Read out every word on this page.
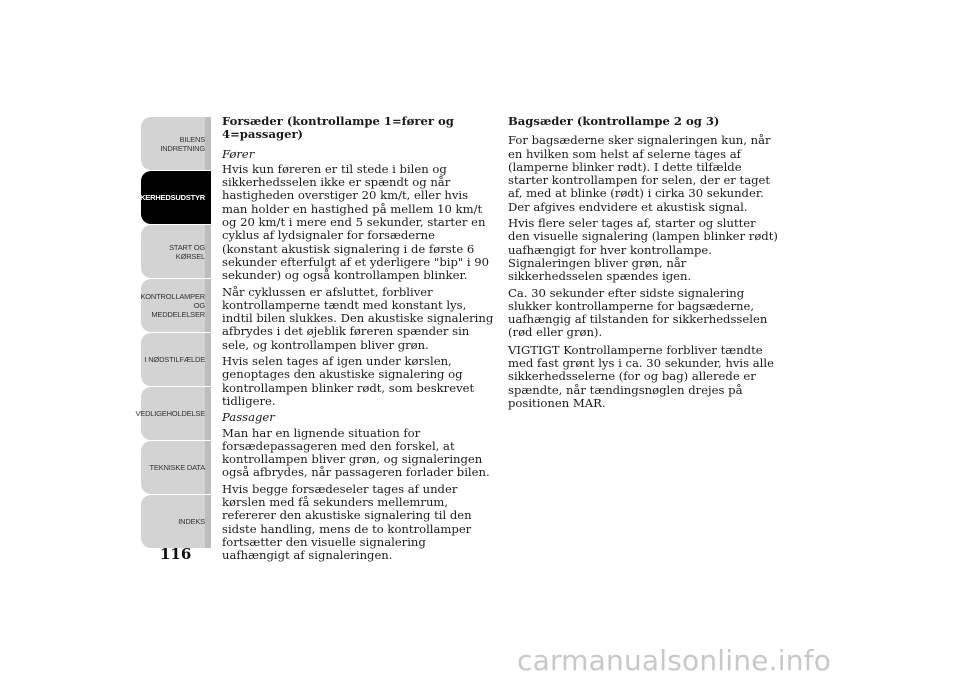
BILENS
INDRETNING
SIKKERHEDSUDSTYR
START OG KØRSEL
KONTROLLAMPER
OG MEDDELELSER
I NØDSTILFÆLDE
VEDLIGEHOLDELSE
TEKNISKE DATA
INDEKS
116

Forsæder (kontrollampe 1=fører og 4=passager)

Fører

Hvis kun føreren er til stede i bilen og sikkerhedsselen ikke er spændt og når hastigheden overstiger 20 km/t, eller hvis man holder en hastighed på mellem 10 km/t og 20 km/t i mere end 5 sekunder, starter en cyklus af lydsignaler for forsæderne (konstant akustisk signalering i de første 6 sekunder efterfulgt af et yderligere "bip" i 90 sekunder) og også kontrollampen blinker.

Når cyklussen er afsluttet, forbliver kontrollamperne tændt med konstant lys, indtil bilen slukkes. Den akustiske signalering afbrydes i det øjeblik føreren spænder sin sele, og kontrollampen bliver grøn.

Hvis selen tages af igen under kørslen, genoptages den akustiske signalering og kontrollampen blinker rødt, som beskrevet tidligere.

Passager

Man har en lignende situation for forsædepassageren med den forskel, at kontrollampen bliver grøn, og signaleringen også afbrydes, når passageren forlader bilen.

Hvis begge forsædeseler tages af under kørslen med få sekunders mellemrum, refererer den akustiske signalering til den sidste handling, mens de to kontrollamper fortsætter den visuelle signalering uafhængigt af signaleringen.

Bagsæder (kontrollampe 2 og 3)

For bagsæderne sker signaleringen kun, når en hvilken som helst af selerne tages af (lamperne blinker rødt). I dette tilfælde starter kontrollampen for selen, der er taget af, med at blinke (rødt) i cirka 30 sekunder. Der afgives endvidere et akustisk signal.

Hvis flere seler tages af, starter og slutter den visuelle signalering (lampen blinker rødt) uafhængigt for hver kontrollampe. Signaleringen bliver grøn, når sikkerhedsselen spændes igen.

Ca. 30 sekunder efter sidste signalering slukker kontrollamperne for bagsæderne, uafhængig af tilstanden for sikkerhedsselen (rød eller grøn).

VIGTIGT Kontrollamperne forbliver tændte med fast grønt lys i ca. 30 sekunder, hvis alle sikkerhedsselerne (for og bag) allerede er spændte, når tændingsnøglen drejes på positionen MAR.

carmanualsonline.info
